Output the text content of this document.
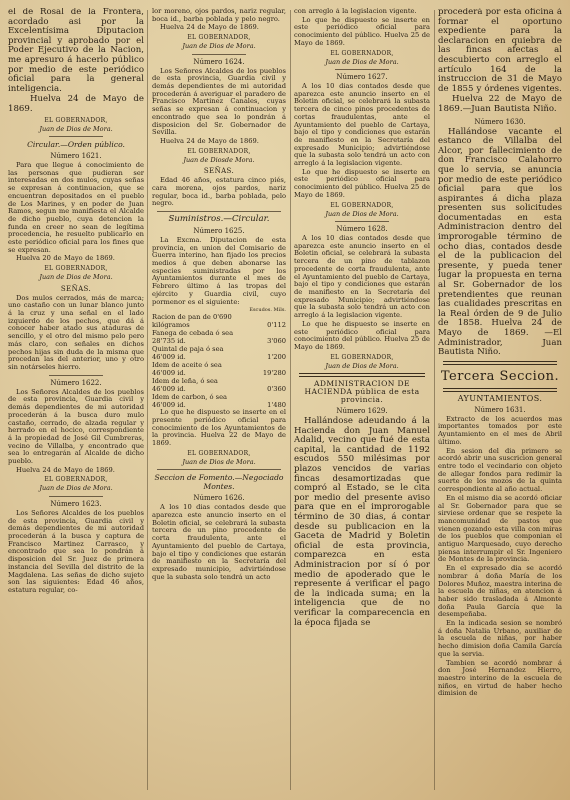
el de Rosal de la Frontera, acordado asi por la Excelentísima Diputacion provincial y aprobado por el Poder Ejecutivo de la Nacion, me apresuro á hacerlo público por medio de este periódico oficial para la general inteligencia.

Huelva 24 de Mayo de 1869.

EL GOBERNADOR,
Juan de Dios de Mora.
Circular.—Orden público.
Número 1621.

Para que llegue á conocimiento de las personas que pudieran ser interesadas en dos mulos, cuyas señas se expresan á continuacion, que se encuentran depositados en el pueblo de Los Marines, y en poder de Juan Ramos, segun me manifiesta el Alcalde de dicho pueblo, cuya detencion la funda en creer no sean de legítima procedencia, he resuelto publicarlo en este periódico oficial para los fines que se expresan.

Huelva 20 de Mayo de 1869.

EL GOBERNADOR,
Juan de Dios de Mora.
SEÑAS.

Dos mulos cerrados, más de marca; uno castaño con un lunar blanco junto á la cruz y una señal en el lado izquierdo de los pechos, que dá á conocer haber atado sus ataduras de sencillo, y el otro del mismo pelo pero más claro, con señales en dichos pechos hijas sin duda de la misma que procedan las del anterior, uno y otro sin notárseles hierro.

Número 1622.

Los Señores Alcaldes de los pueblos de esta provincia, Guardia civil y demás dependientes de mi autoridad procederán á la busca duro mulo castaño, cerrado, de alzada regular y herrado en el hocico, correspondiente á la propiedad de José Gil Cumbreras, vecino de Villalba, y encontrado que sea lo entregarán al Alcalde de dicho pueblo.

Huelva 24 de Mayo de 1869.

EL GOBERNADOR,
Juan de Dios de Mora.
Número 1623.

Los Señores Alcaldes de los pueblos de esta provincia, Guardia civil y demás dependientes de mi autoridad procederán á la busca y captura de Francisco Martinez Carrasco, y encontrado que sea lo pondrán á disposicion del Sr. Juez de primera instancia del Sevilla del distrito de la Magdalena. Las señas de dicho sujeto son las siguientes: Edad 46 años, estatura regular, co-

lor moreno, ojos pardos, nariz regular, boca id., barba poblada y pelo negro.

Huelva 24 de Mayo de 1869.

EL GOBERNADOR,
Juan de Dios de Mora.
Número 1624.

Los Señores Alcaldes de los pueblos de esta provincia, Guardia civil y demás dependientes de mi autoridad procederán á averiguar el paradero de Francisco Martinez Canales, cuyas señas se expresan á continuacion y encontrado que sea lo pondrán á disposicion del Sr. Gobernador de Sevilla.

Huelva 24 de Mayo de 1869.

EL GOBERNADOR,
Juan de Diosde Mora.
SEÑAS.

Edad 46 años, estatura cinco piés, cara morena, ojos pardos, nariz regular, boca id., barba poblada, pelo negro.

Suministros.—Circular.
Número 1625.

La Excma. Diputacion de esta provincia, en union del Comisario de Guerra interino, han fijado los precios medios á que deben abonarse las especies suministradas por los Ayuntamientos durante el mes de Febrero último á las tropas del ejército y Guardia civil, cuyo pormenor es el siguiente:

Escudos. Mils.

Racion de pan de 0'690
kilógramos	0'112
Fanega de cebada ó sea
28'735 id.	3'060
Quintal de paja ó sea
46'009 id.	1'200
Idem de aceite ó sea
46'009 id.	19'280
Idem de leña, ó sea
46'009 id.	0'360
Idem de carbon, ó sea
46'009 id.	1'480

Lo que he dispuesto se inserte en el presente periódico oficial para conocimiento de los Ayuntamientos de la provincia. Huelva 22 de Mayo de 1869.

EL GOBERNADOR,
Juan de Dios de Mora.
Seccion de Fomento.—Negociado Montes.
Número 1626.

A los 10 dias contados desde que aparezca este anuncio inserto en el Boletin oficial, se celebrará la subasta tercera de un pino procedente de corta fraudulenta, ante el Ayuntamiento del pueblo de Cartaya, bajo el tipo y condiciones que estarán de manifiesto en la Secretaría del expresado municipio, advirtiéndose que la subasta solo tendrá un acto

con arreglo á la legislacion vigente.

Lo que he dispuesto se inserte en este periódico oficial para conocimiento del público. Huelva 25 de Mayo de 1869.

EL GOBERNADOR,
Juan de Dios de Mora.
Número 1627.

A los 10 dias contados desde que aparezca este anuncio inserto en el Boletin oficial, se celebrará la subasta tercera de cinco pinos procedentes de cortas fraudulentas, ante el Ayuntamiento del pueblo de Cartaya, bajo el tipo y condiciones que estarán de manifiesto en la Secretaría del expresado Municipio; advirtiéndose que la subasta solo tendrá un acto con arreglo á la legislacion vigente.

Lo que he dispuesto se inserte en este periódico oficial para conocimiento del público. Huelva 25 de Mayo de 1869.

EL GOBERNADOR,
Juan de Dios de Mora.
Número 1628.

A los 10 dias contados desde que aparezca este anuncio inserto en el Boletin oficial, se celebrará la subasta tercera de un pino de tablazon procedente de corta fraudulenta, ante el Ayuntamiento del pueblo de Cartaya, bajo el tipo y condiciones que estarán de manifiesto en la Secretaría del expresado Municipio; advirtiéndose que la subasta solo tendrá un acto con arreglo á la legislacion vigente.

Lo que he dispuesto se inserte en este periódico oficial para conocimiento del público. Huelva 25 de Mayo de 1869.

EL GOBERNADOR,
Juan de Dios de Mora.
ADMINISTRACION DE HACIENDA pública de esta provincia.
Número 1629.

Hallándose adeudando á la Hacienda don Juan Manuel Adalid, vecino que fué de esta capital, la cantidad de 1192 escudos 550 milésimas por plazos vencidos de varias fincas desamortizadas que compró al Estado, se le cita por medio del presente aviso para que en el improrogable término de 30 dias, á contar desde su publicacion en la Gaceta de Madrid y Boletin oficial de esta provincia, comparezca en esta Administracion por sí ó por medio de apoderado que le represente á verificar el pago de la indicada suma; en la inteligencia que de no verificar la comparecencia en la época fijada se

procederá por esta oficina á formar el oportuno expediente para la declaracion en quiebra de las fincas afectas al descubierto con arreglo el artículo 164 de la instruccion de 31 de Mayo de 1855 y órdenes vigentes.

Huelva 22 de Mayo de 1869.—Juan Bautista Niño.

Número 1630.

Hallándose vacante el estanco de Villalba del Alcor, por fallecimiento de don Francisco Calahorro que lo servia, se anuncia por medio de este periódico oficial para que los aspirantes á dicha plaza presenten sus solicitudes documentadas en esta Administracion dentro del improrogable término de ocho dias, contados desde el de la publicacion del presente, y pueda tener lugar la propuesta en terna al Sr. Gobernador de los pretendientes que reunan las cualidades prescritas en la Real órden de 9 de Julio de 1858. Huelva 24 de Mayo de 1869. —El Administrador, Juan Bautista Niño.

Tercera Seccion.
AYUNTAMIENTOS.
Número 1631.

Extracto de los acuerdos mas importantes tomados por este Ayuntamiento en el mes de Abril último.

En sesion del dia primero se acordó abrir una suscricion general entre todo el vecindario con objeto de allegar fondos para redimir la suerte de los mozos de la quinta correspondiente al año actual.

En el mismo dia se acordó oficiar al Sr. Gobernador para que se sirviese ordenar que se respete la mancomunidad de pastos que vienen gozando esta villa con miras de los pueblos que componian el antiguo Marquesado, cuyo derecho piensa interrumpir el Sr. Ingeniero de Montes de la provincia.

En el expresado dia se acordó nombrar á doña María de los Dolores Muñoz, maestra interina de la escuela de niñas, en atencion á haber sido trasladada á Almonte doña Paula García que la desempeñaba.

En la indicada sesion se nombró á doña Natalia Urbano, auxiliar de la escuela de niñas, por haber hecho dimision doña Camila García que la servia.

Tambien se acordó nombrar á don José Hernandez Hierro, maestro interino de la escuela de niños, en virtud de haber hecho dimision de
